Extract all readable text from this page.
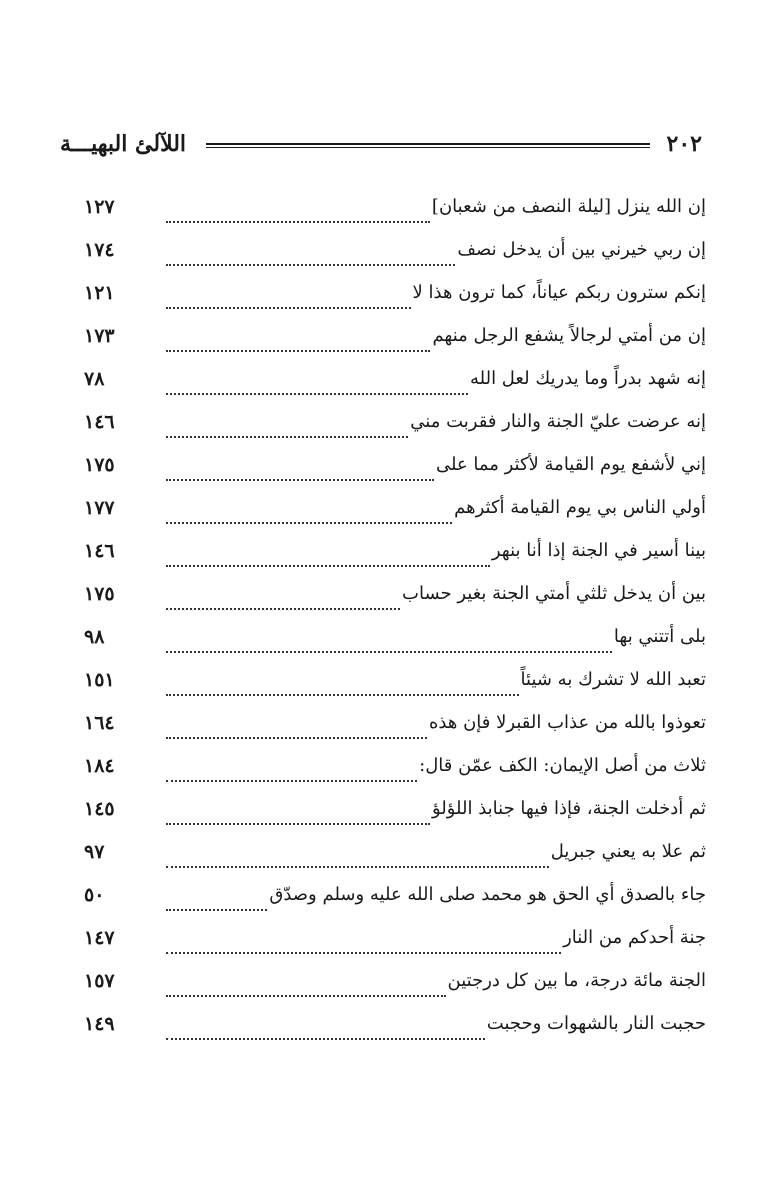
اللآلئ البهيـــة	٢٠٢
١٢٧	إن الله ينزل [ليلة النصف من شعبان]
١٧٤	إن ربي خيرني بين أن يدخل نصف
١٢١	إنكم سترون ربكم عياناً، كما ترون هذا لا
١٧٣	إن من أمتي لرجالاً يشفع الرجل منهم
٧٨	إنه شهد بدراً وما يدريك لعل الله
١٤٦	إنه عرضت عليّ الجنة والنار فقربت مني
١٧٥	إني لأشفع يوم القيامة لأكثر مما على
١٧٧	أولي الناس بي يوم القيامة أكثرهم
١٤٦	بينا أسير في الجنة إذا أنا بنهر
١٧٥	بين أن يدخل ثلثي أمتي الجنة بغير حساب
٩٨	بلى أتتني بها
١٥١	تعبد الله لا تشرك به شيئاً
١٦٤	تعوذوا بالله من عذاب القبرلا فإن هذه
١٨٤	ثلاث من أصل الإيمان: الكف عمّن قال:
١٤٥	ثم أدخلت الجنة، فإذا فيها جنابذ اللؤلؤ
٩٧	ثم علا به يعني جبريل
٥٠	جاء بالصدق أي الحق هو محمد صلى الله عليه وسلم وصدّق
١٤٧	جنة أحدكم من النار
١٥٧	الجنة مائة درجة، ما بين كل درجتين
١٤٩	حجبت النار بالشهوات وحجبت
